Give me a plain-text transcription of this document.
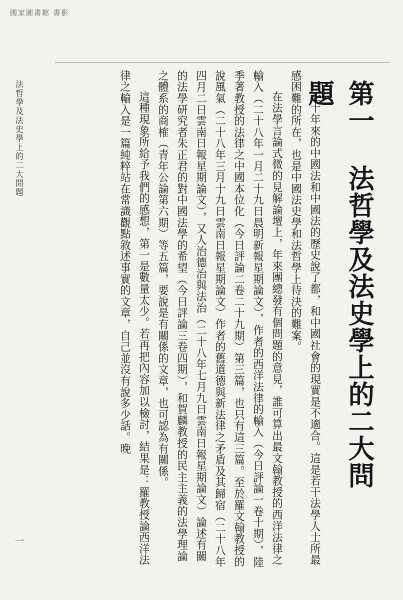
國家圖書館 書影
第一 法哲學及法史學上的二大問題

三十年來的中國法和中國法的歷史說了都，和中國社會的現實是不適合。這是若干法學人士所最感困難的所在，也是中國法史學和法哲學上待決的難案。

在法學言論式微的見解論壇上，年來團總發有個問題的意見，誰可算出最文翰教授的西洋法律之輸入（二十八年一月二十九日晨明新報星期論文），作者的西洋法律的輸入（今日評論一卷十期），陸季著教授的法律之中國本位化（今日評論二卷二十九期）第三篇，也只有這三篇。至於羅文翰教授的說風氣（二十八年三月十九日雲南日報星期論文）作者的舊道德與新法律之矛盾及其歸宿（二十八年四月二日雲南日報星期論文），又人治德治與法治（二十八年七月九日雲南日報星期論文）論述有關的法學研究者朱正君的對中國法學的希望（今日評論三卷四期），和賀麟教授的民主主義的法學理論之體系的商榷（青年公論第六期）等五篇，要說是有關係的文章，也可認為有關係。

這種現象所給予我們的感想，第一是數量太少。若再把內容加以檢討，結果是：羅教授論西洋法律之輸入是一篇純粹站在常識觀點敘述事實的文章，自己並沒有說多少話。晚

法哲學及法史學上的二大問題
一
